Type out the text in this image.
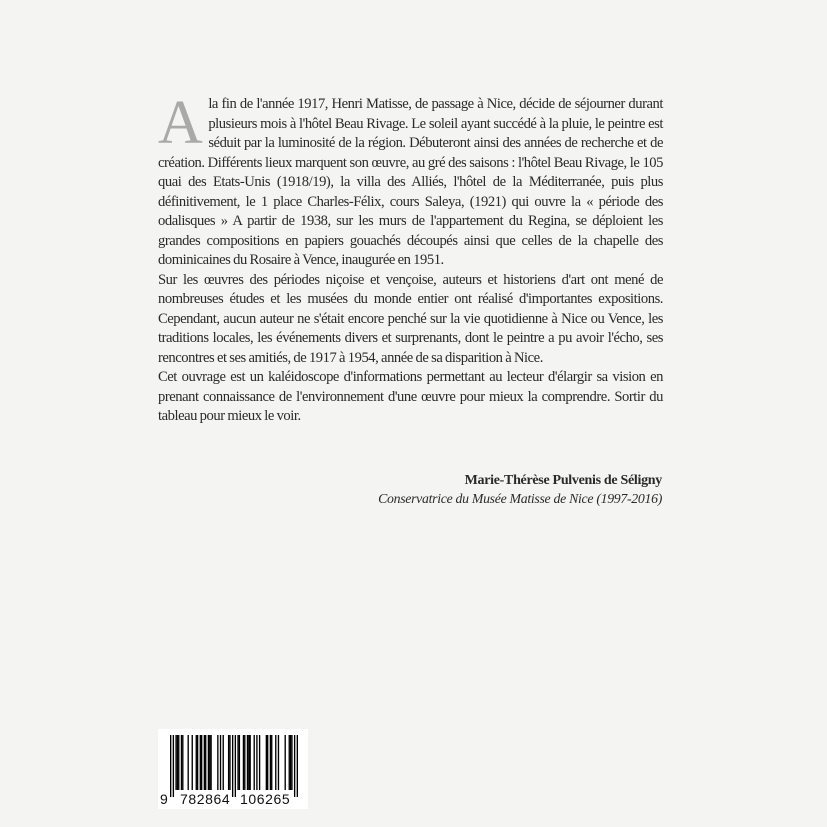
Ala fin de l'année 1917, Henri Matisse, de passage à Nice, décide de séjourner durant plusieurs mois à l'hôtel Beau Rivage. Le soleil ayant succédé à la pluie, le peintre est séduit par la luminosité de la région. Débuteront ainsi des années de recherche et de création. Différents lieux marquent son œuvre, au gré des saisons : l'hôtel Beau Rivage, le 105 quai des Etats-Unis (1918/19), la villa des Alliés, l'hôtel de la Méditerranée, puis plus définitivement, le 1 place Charles-Félix, cours Saleya, (1921) qui ouvre la « période des odalisques » A partir de 1938, sur les murs de l'appartement du Regina, se déploient les grandes compositions en papiers gouachés découpés ainsi que celles de la chapelle des dominicaines du Rosaire à Vence, inaugurée en 1951.

Sur les œuvres des périodes niçoise et vençoise, auteurs et historiens d'art ont mené de nombreuses études et les musées du monde entier ont réalisé d'importantes expositions. Cependant, aucun auteur ne s'était encore penché sur la vie quotidienne à Nice ou Vence, les traditions locales, les événements divers et surprenants, dont le peintre a pu avoir l'écho, ses rencontres et ses amitiés, de 1917 à 1954, année de sa disparition à Nice.

Cet ouvrage est un kaléidoscope d'informations permettant au lecteur d'élargir sa vision en prenant connaissance de l'environnement d'une œuvre pour mieux la comprendre. Sortir du tableau pour mieux le voir.

Marie-Thérèse Pulvenis de Séligny
Conservatrice du Musée Matisse de Nice (1997-2016)
9 782864 106265
